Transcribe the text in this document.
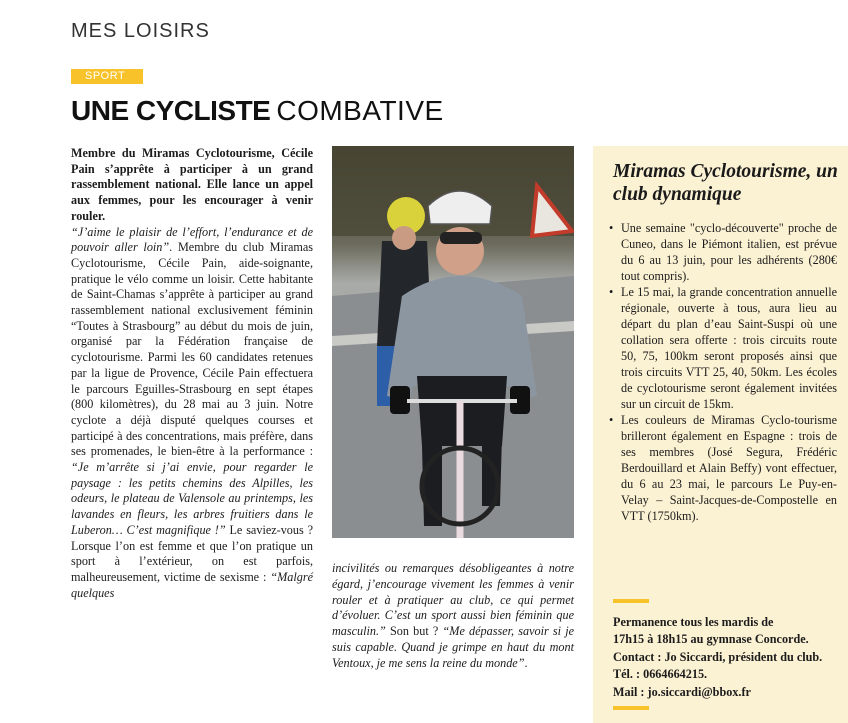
MES LOISIRS
SPORT
UNE CYCLISTE COMBATIVE

Membre du Miramas Cyclotourisme, Cécile Pain s’apprête à participer à un grand rassemblement national. Elle lance un appel aux femmes, pour les encourager à venir rouler.

“J’aime le plaisir de l’effort, l’endurance et de pouvoir aller loin”. Membre du club Miramas Cyclotourisme, Cécile Pain, aide-soignante, pratique le vélo comme un loisir. Cette habitante de Saint-Chamas s’apprête à participer au grand rassemblement national exclusivement féminin “Toutes à Strasbourg” au début du mois de juin, organisé par la Fédération française de cyclotourisme. Parmi les 60 candidates retenues par la ligue de Provence, Cécile Pain effectuera le parcours Eguilles-Strasbourg en sept étapes (800 kilomètres), du 28 mai au 3 juin. Notre cyclote a déjà disputé quelques courses et participé à des concentrations, mais préfère, dans ses promenades, le bien-être à la performance : “Je m’arrête si j’ai envie, pour regarder le paysage : les petits chemins des Alpilles, les odeurs, le plateau de Valensole au printemps, les lavandes en fleurs, les arbres fruitiers dans le Luberon… C’est magnifique !” Le saviez-vous ? Lorsque l’on est femme et que l’on pratique un sport à l’extérieur, on est parfois, malheureusement, victime de sexisme : “Malgré quelques

incivilités ou remarques désobligeantes à notre égard, j’encourage vivement les femmes à venir rouler et à pratiquer au club, ce qui permet d’évoluer. C’est un sport aussi bien féminin que masculin.” Son but ? “Me dépasser, savoir si je suis capable. Quand je grimpe en haut du mont Ventoux, je me sens la reine du monde”.

Miramas Cyclotourisme, un club dynamique
• Une semaine "cyclo-découverte" proche de Cuneo, dans le Piémont italien, est prévue du 6 au 13 juin, pour les adhérents (280€ tout compris).
• Le 15 mai, la grande concentration annuelle régionale, ouverte à tous, aura lieu au départ du plan d’eau Saint-Suspi où une collation sera offerte : trois circuits route 50, 75, 100km seront proposés ainsi que trois circuits VTT 25, 40, 50km. Les écoles de cyclotourisme seront également invitées sur un circuit de 15km.
• Les couleurs de Miramas Cyclo-tourisme brilleront également en Espagne : trois de ses membres (José Segura, Frédéric Berdouillard et Alain Beffy) vont effectuer, du 6 au 23 mai, le parcours Le Puy-en-Velay – Saint-Jacques-de-Compostelle en VTT (1750km).
Permanence tous les mardis de
17h15 à 18h15 au gymnase Concorde.
Contact : Jo Siccardi, président du club.
Tél. : 0664664215.
Mail : jo.siccardi@bbox.fr
